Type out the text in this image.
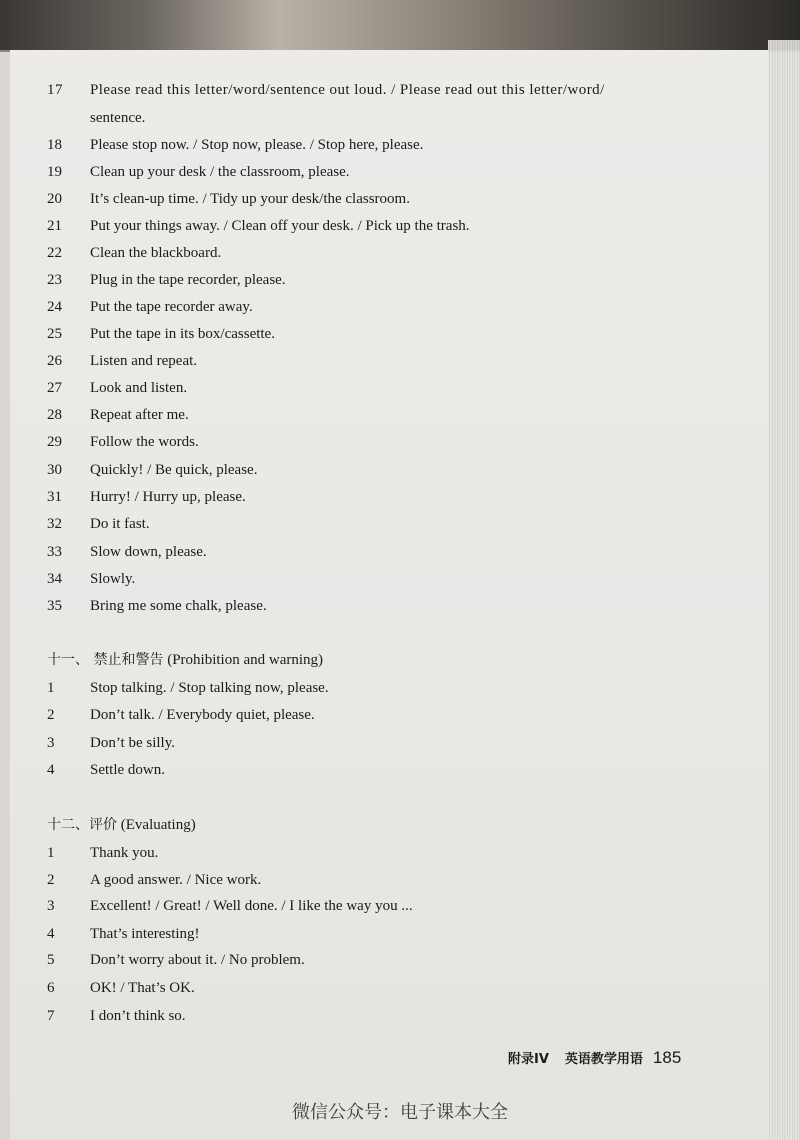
17	Please read this letter/word/sentence out loud. / Please read out this letter/word/
sentence.
18	Please stop now. / Stop now, please. / Stop here, please.
19	Clean up your desk / the classroom, please.
20	It’s clean-up time. / Tidy up your desk/the classroom.
21	Put your things away. / Clean off your desk. / Pick up the trash.
22	Clean the blackboard.
23	Plug in the tape recorder, please.
24	Put the tape recorder away.
25	Put the tape in its box/cassette.
26	Listen and repeat.
27	Look and listen.
28	Repeat after me.
29	Follow the words.
30	Quickly! / Be quick, please.
31	Hurry! / Hurry up, please.
32	Do it fast.
33	Slow down, please.
34	Slowly.
35	Bring me some chalk, please.
十一、 禁止和警告 (Prohibition and warning)
1	Stop talking. / Stop talking now, please.
2	Don’t talk. / Everybody quiet, please.
3	Don’t be silly.
4	Settle down.
十二、评价 (Evaluating)
1	Thank you.
2	A good answer. / Nice work.
3	Excellent! / Great! / Well done. / I like the way you ...
4	That’s interesting!
5	Don’t worry about it. / No problem.
6	OK! / That’s OK.
7	I don’t think so.
附录IV 英语教学用语 185
微信公众号：电子课本大全
